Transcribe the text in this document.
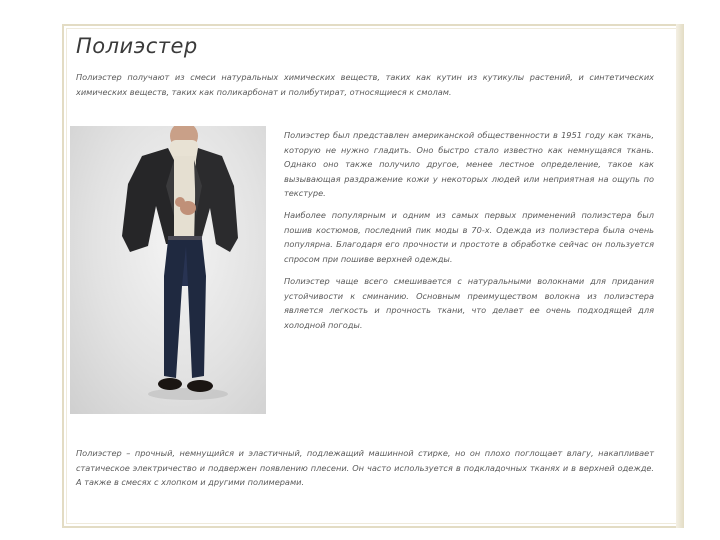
Полиэстер

Полиэстер получают из смеси натуральных химических веществ, таких как кутин из кутикулы растений, и синтетических химических веществ, таких как поликарбонат и полибутират, относящиеся к смолам.

Полиэстер был представлен американской общественности в 1951 году как ткань, которую не нужно гладить. Оно быстро стало известно как немнущаяся ткань. Однако оно также получило другое, менее лестное определение, такое как вызывающая раздражение кожи у некоторых людей или неприятная на ощупь по текстуре.

Наиболее популярным и одним из самых первых применений полиэстера был пошив костюмов, последний пик моды в 70-х. Одежда из полиэстера была очень популярна. Благодаря его прочности и простоте в обработке сейчас он пользуется спросом при пошиве верхней одежды.

Полиэстер чаще всего смешивается с натуральными волокнами для придания устойчивости к сминанию. Основным преимуществом волокна из полиэстера является легкость и прочность ткани, что делает ее очень подходящей для холодной погоды.

Полиэстер – прочный, немнущийся и эластичный, подлежащий машинной стирке, но он плохо поглощает влагу, накапливает статическое электричество и подвержен появлению плесени. Он часто используется в подкладочных тканях и в верхней одежде. А также в смесях с хлопком и другими полимерами.
